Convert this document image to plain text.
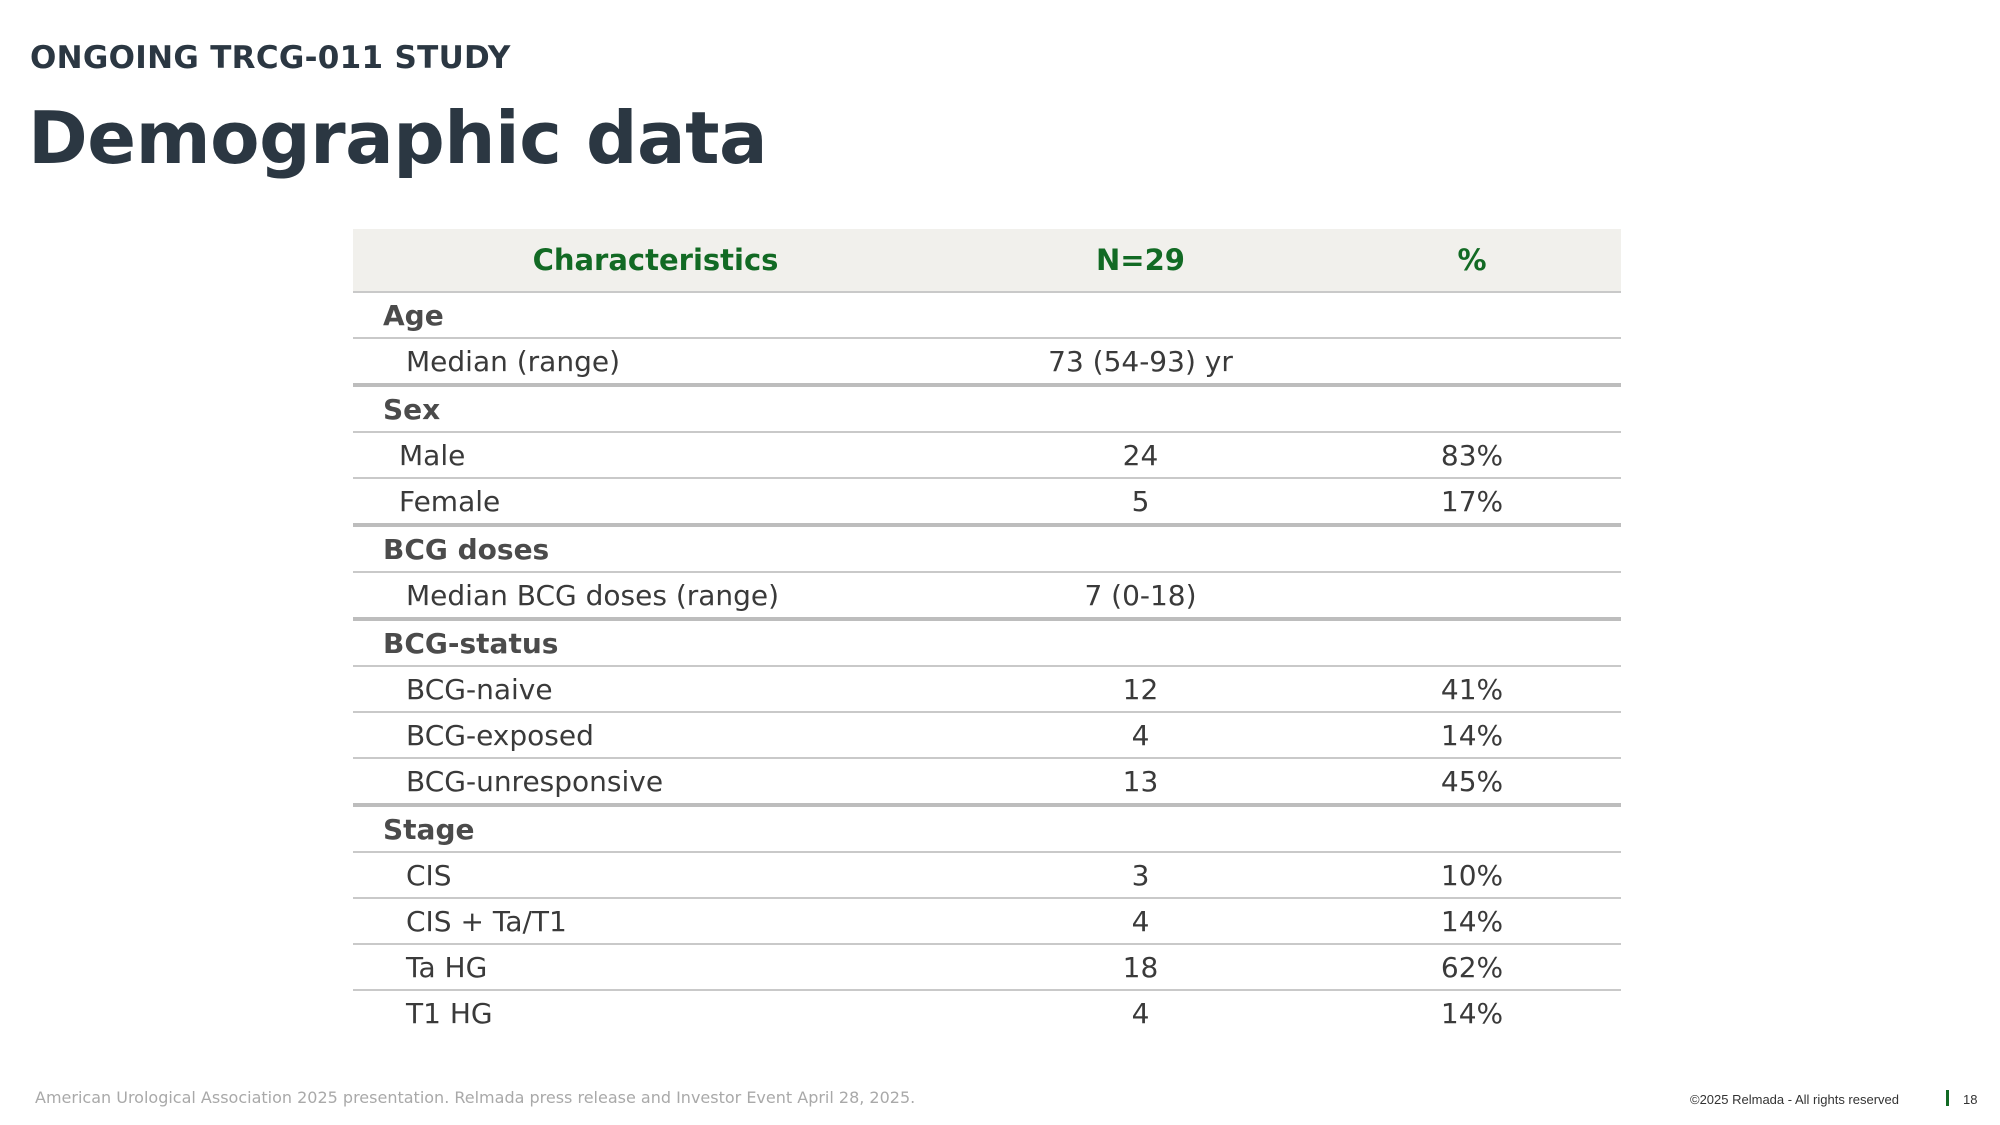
ONGOING TRCG-011 STUDY
Demographic data
Characteristics	N=29	%
Age		
Median (range)	73 (54-93) yr	
Sex		
Male	24	83%
Female	5	17%
BCG doses		
Median BCG doses (range)	7 (0-18)	
BCG-status		
BCG-naive	12	41%
BCG-exposed	4	14%
BCG-unresponsive	13	45%
Stage		
CIS	3	10%
CIS + Ta/T1	4	14%
Ta HG	18	62%
T1 HG	4	14%
American Urological Association 2025 presentation. Relmada press release and Investor Event April 28, 2025.	©2025 Relmada - All rights reserved	18
